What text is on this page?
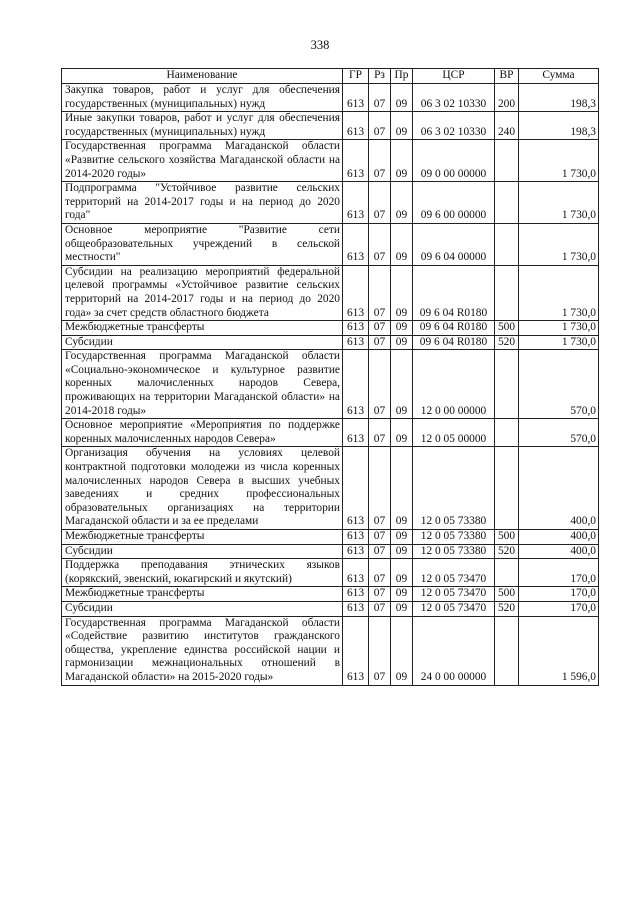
338
Наименование	ГР	Рз	Пр	ЦСР	ВР	Сумма
Закупка товаров, работ и услуг для обеспечения государственных (муниципальных) нужд	613	07	09	06 3 02 10330	200	198,3
Иные закупки товаров, работ и услуг для обеспечения государственных (муниципальных) нужд	613	07	09	06 3 02 10330	240	198,3
Государственная программа Магаданской области «Развитие сельского хозяйства Магаданской области на 2014-2020 годы»	613	07	09	09 0 00 00000		1 730,0
Подпрограмма "Устойчивое развитие сельских территорий на 2014-2017 годы и на период до 2020 года"	613	07	09	09 6 00 00000		1 730,0
Основное мероприятие "Развитие сети общеобразовательных учреждений в сельской местности"	613	07	09	09 6 04 00000		1 730,0
Субсидии на реализацию мероприятий федеральной целевой программы «Устойчивое развитие сельских территорий на 2014-2017 годы и на период до 2020 года» за счет средств областного бюджета	613	07	09	09 6 04 R0180		1 730,0
Межбюджетные трансферты	613	07	09	09 6 04 R0180	500	1 730,0
Субсидии	613	07	09	09 6 04 R0180	520	1 730,0
Государственная программа Магаданской области «Социально-экономическое и культурное развитие коренных малочисленных народов Севера, проживающих на территории Магаданской области» на 2014-2018 годы»	613	07	09	12 0 00 00000		570,0
Основное мероприятие «Мероприятия по поддержке коренных малочисленных народов Севера»	613	07	09	12 0 05 00000		570,0
Организация обучения на условиях целевой контрактной подготовки молодежи из числа коренных малочисленных народов Севера в высших учебных заведениях и средних профессиональных образовательных организациях на территории Магаданской области и за ее пределами	613	07	09	12 0 05 73380		400,0
Межбюджетные трансферты	613	07	09	12 0 05 73380	500	400,0
Субсидии	613	07	09	12 0 05 73380	520	400,0
Поддержка преподавания этнических языков (корякский, эвенский, юкагирский и якутский)	613	07	09	12 0 05 73470		170,0
Межбюджетные трансферты	613	07	09	12 0 05 73470	500	170,0
Субсидии	613	07	09	12 0 05 73470	520	170,0
Государственная программа Магаданской области «Содействие развитию институтов гражданского общества, укрепление единства российской нации и гармонизации межнациональных отношений в Магаданской области» на 2015-2020 годы»	613	07	09	24 0 00 00000		1 596,0
